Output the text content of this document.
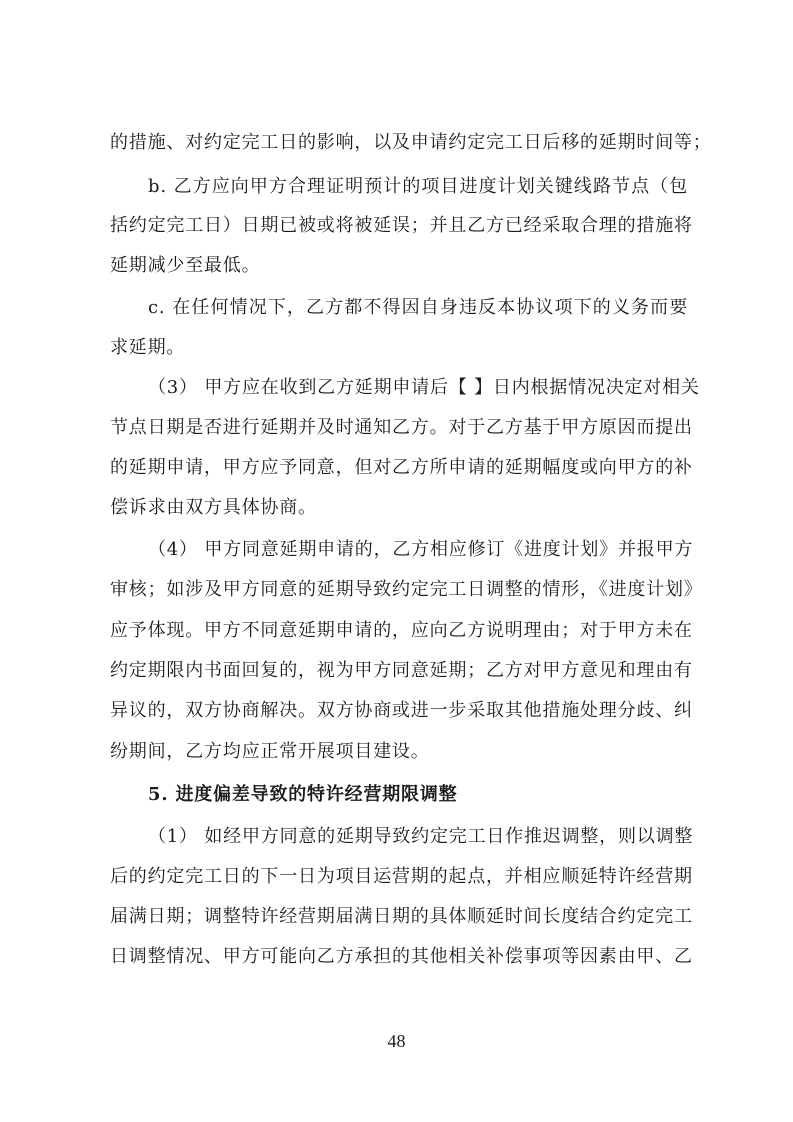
的措施、对约定完工日的影响，以及申请约定完工日后移的延期时间等；
b. 乙方应向甲方合理证明预计的项目进度计划关键线路节点（包
括约定完工日）日期已被或将被延误；并且乙方已经采取合理的措施将
延期减少至最低。
c. 在任何情况下，乙方都不得因自身违反本协议项下的义务而要
求延期。
（3） 甲方应在收到乙方延期申请后【 】日内根据情况决定对相关
节点日期是否进行延期并及时通知乙方。对于乙方基于甲方原因而提出
的延期申请，甲方应予同意，但对乙方所申请的延期幅度或向甲方的补
偿诉求由双方具体协商。
（4） 甲方同意延期申请的，乙方相应修订《进度计划》并报甲方
审核；如涉及甲方同意的延期导致约定完工日调整的情形，《进度计划》
应予体现。甲方不同意延期申请的，应向乙方说明理由；对于甲方未在
约定期限内书面回复的，视为甲方同意延期；乙方对甲方意见和理由有
异议的，双方协商解决。双方协商或进一步采取其他措施处理分歧、纠
纷期间，乙方均应正常开展项目建设。
5. 进度偏差导致的特许经营期限调整
（1） 如经甲方同意的延期导致约定完工日作推迟调整，则以调整
后的约定完工日的下一日为项目运营期的起点，并相应顺延特许经营期
届满日期；调整特许经营期届满日期的具体顺延时间长度结合约定完工
日调整情况、甲方可能向乙方承担的其他相关补偿事项等因素由甲、乙
48
